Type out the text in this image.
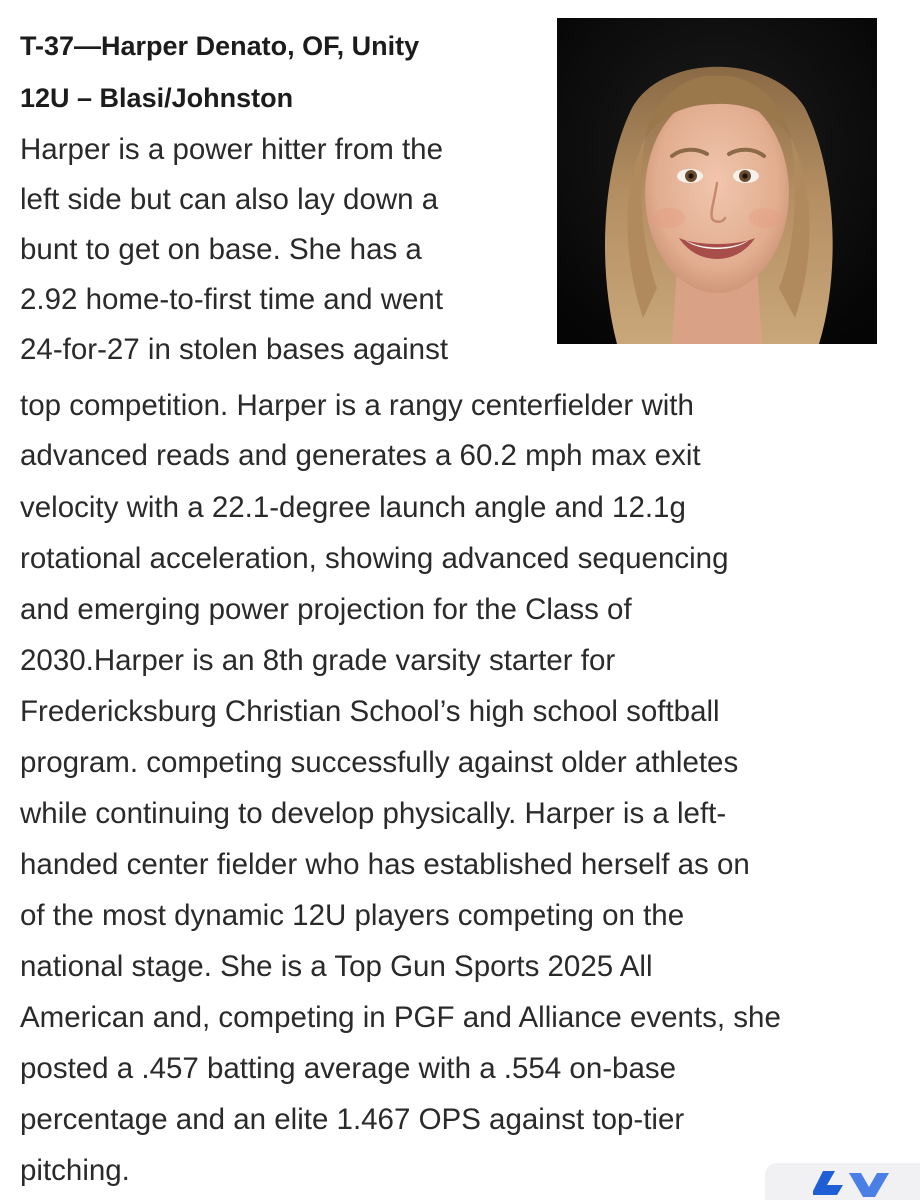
T-37—Harper Denato, OF, Unity
12U – Blasi/Johnston
Harper is a power hitter from the
left side but can also lay down a
bunt to get on base. She has a
2.92 home-to-first time and went
24-for-27 in stolen bases against
top competition. Harper is a rangy centerfielder with
advanced reads and generates a 60.2 mph max exit
velocity with a 22.1-degree launch angle and 12.1g
rotational acceleration, showing advanced sequencing
and emerging power projection for the Class of
2030.Harper is an 8th grade varsity starter for
Fredericksburg Christian School’s high school softball
program. competing successfully against older athletes
while continuing to develop physically. Harper is a left-
handed center fielder who has established herself as on
of the most dynamic 12U players competing on the
national stage. She is a Top Gun Sports 2025 All
American and, competing in PGF and Alliance events, she
posted a .457 batting average with a .554 on-base
percentage and an elite 1.467 OPS against top-tier
pitching.
